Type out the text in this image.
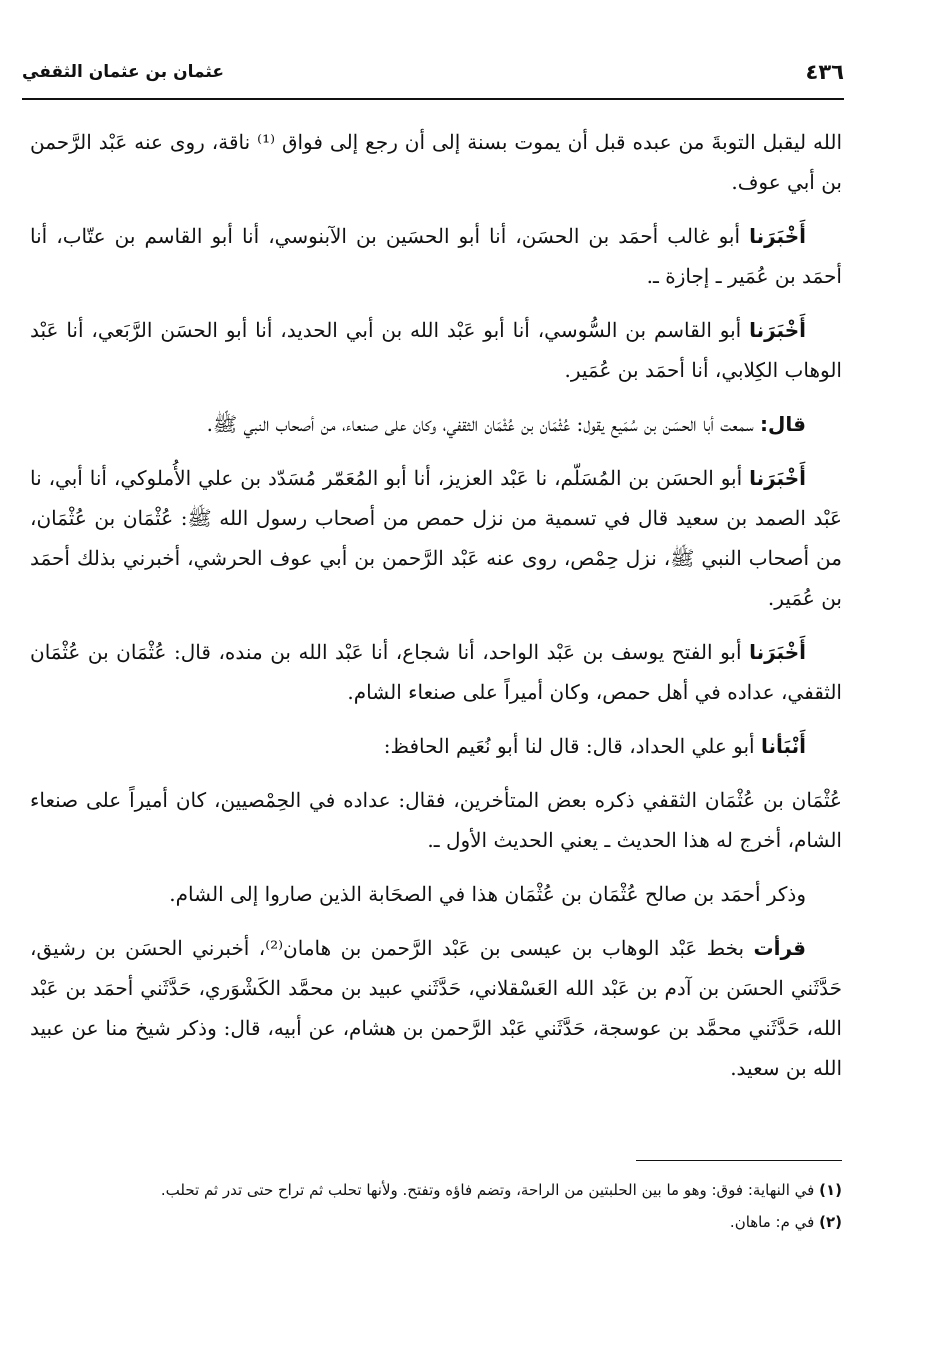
٤٣٦
عثمان بن عثمان الثقفي

الله ليقبل التوبةَ من عبده قبل أن يموت بسنة إلى أن رجع إلى فواق ⁽¹⁾ ناقة، روى عنه عَبْد الرَّحمن بن أبي عوف.

أَخْبَرَنا أبو غالب أحمَد بن الحسَن، أنا أبو الحسَين بن الآبنوسي، أنا أبو القاسم بن عتّاب، أنا أحمَد بن عُمَير ـ إجازة ـ.

أَخْبَرَنا أبو القاسم بن السُّوسي، أنا أبو عَبْد الله بن أبي الحديد، أنا أبو الحسَن الرَّبَعي، أنا عَبْد الوهاب الكِلابي، أنا أحمَد بن عُمَير.

قال: سمعت أبا الحسَن بن سُمَيع يقول: عُثْمَان بن عُثْمَان الثقفي، وكان على صنعاء، من أصحاب النبي ﷺ.

أَخْبَرَنا أبو الحسَن بن المُسَلّم، نا عَبْد العزيز، أنا أبو المُعَمّر مُسَدّد بن علي الأُملوكي، أنا أبي، نا عَبْد الصمد بن سعيد قال في تسمية من نزل حمص من أصحاب رسول الله ﷺ: عُثْمَان بن عُثْمَان، من أصحاب النبي ﷺ، نزل حِمْص، روى عنه عَبْد الرَّحمن بن أبي عوف الحرشي، أخبرني بذلك أحمَد بن عُمَير.

أَخْبَرَنا أبو الفتح يوسف بن عَبْد الواحد، أنا شجاع، أنا عَبْد الله بن منده، قال: عُثْمَان بن عُثْمَان الثقفي، عداده في أهل حمص، وكان أميراً على صنعاء الشام.

أَنْبَأنا أبو علي الحداد، قال: قال لنا أبو نُعَيم الحافظ:

عُثْمَان بن عُثْمَان الثقفي ذكره بعض المتأخرين، فقال: عداده في الحِمْصيين، كان أميراً على صنعاء الشام، أخرج له هذا الحديث ـ يعني الحديث الأول ـ.

وذكر أحمَد بن صالح عُثْمَان بن عُثْمَان هذا في الصحَابة الذين صاروا إلى الشام.

قرأت بخط عَبْد الوهاب بن عيسى بن عَبْد الرَّحمن بن هامان⁽²⁾، أخبرني الحسَن بن رشيق، حَدَّثَني الحسَن بن آدم بن عَبْد الله العَسْقلاني، حَدَّثَني عبيد بن محمَّد الكَشْوَري، حَدَّثَني أحمَد بن عَبْد الله، حَدَّثَني محمَّد بن عوسجة، حَدَّثَني عَبْد الرَّحمن بن هشام، عن أبيه، قال: وذكر شيخ منا عن عبيد الله بن سعيد.

(١) في النهاية: فوق: وهو ما بين الحلبتين من الراحة، وتضم فاؤه وتفتح. ولأنها تحلب ثم تراح حتى تدر ثم تحلب.

(٢) في م: ماهان.
